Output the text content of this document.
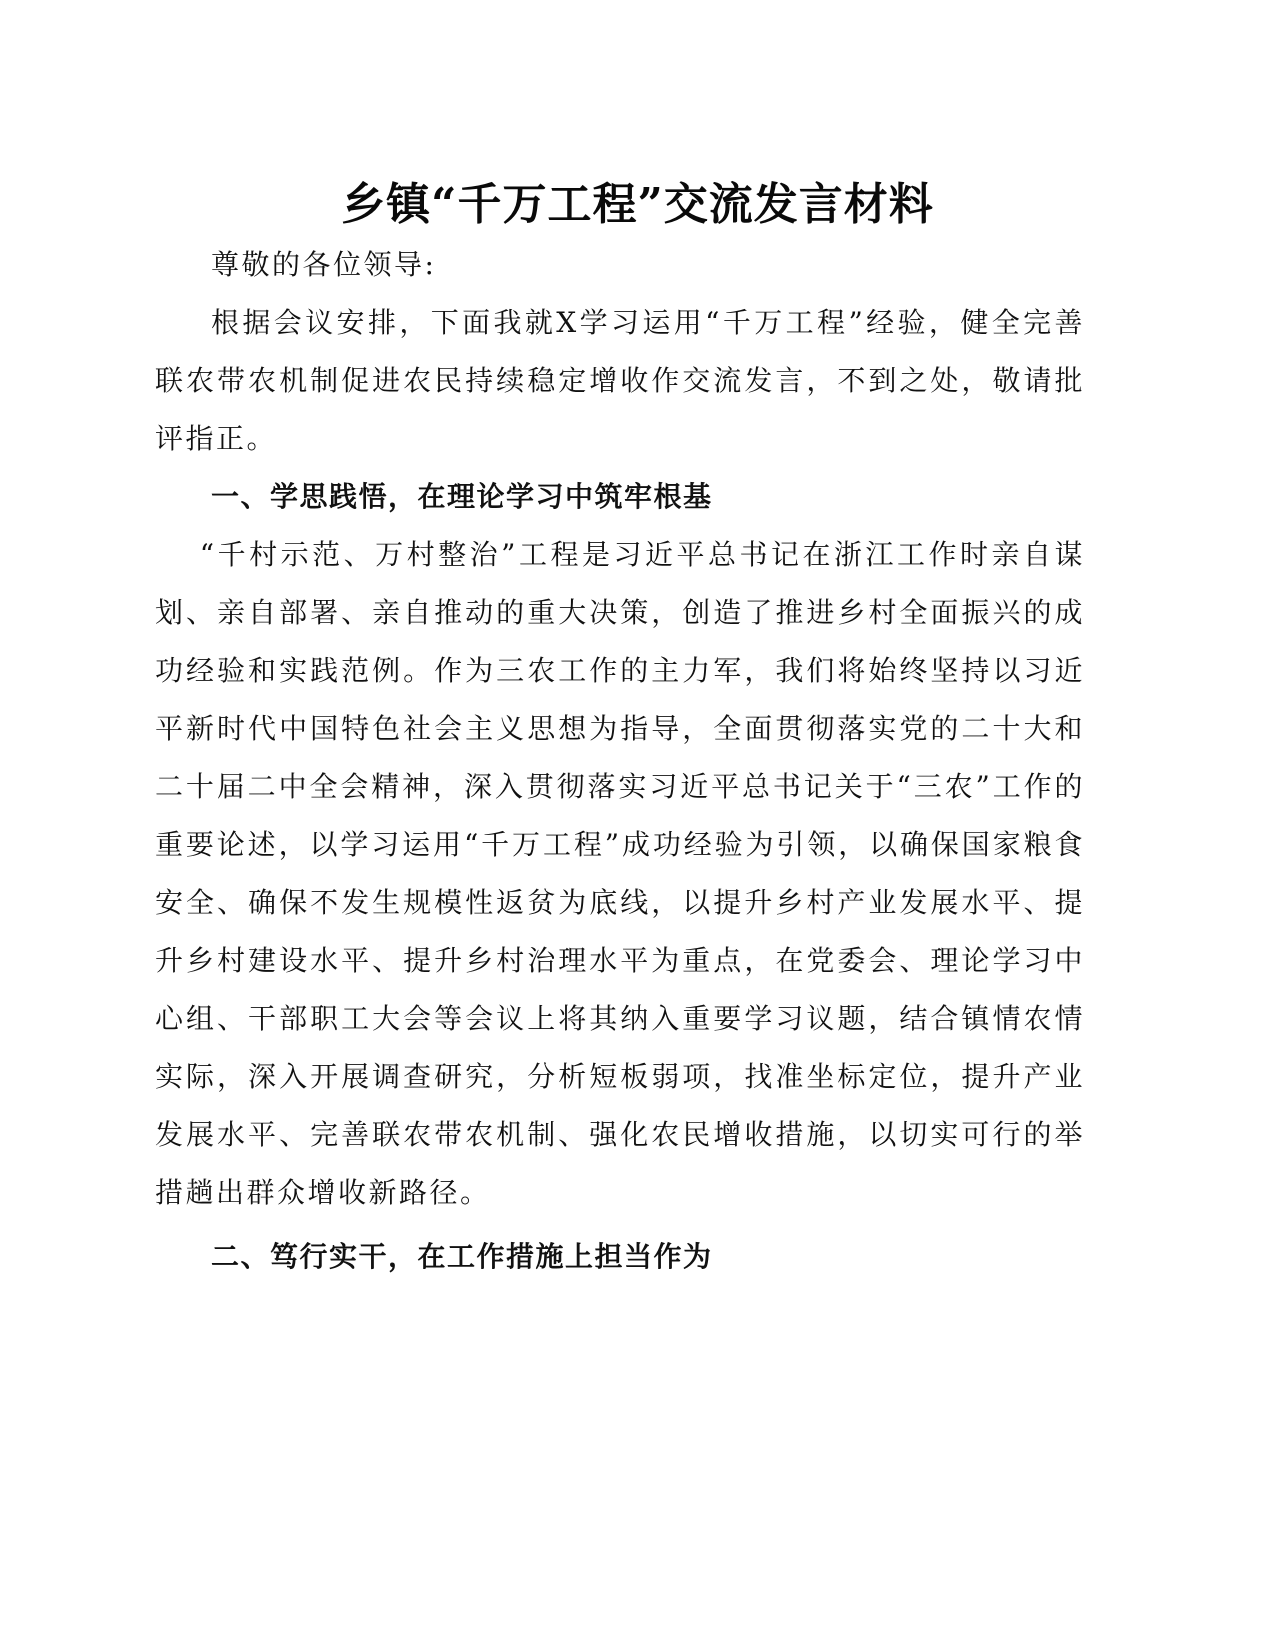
乡镇“千万工程”交流发言材料

尊敬的各位领导:

根据会议安排，下面我就X学习运用“千万工程”经验，健全完善联农带农机制促进农民持续稳定增收作交流发言，不到之处，敬请批评指正。

一、学思践悟，在理论学习中筑牢根基

“千村示范、万村整治”工程是习近平总书记在浙江工作时亲自谋划、亲自部署、亲自推动的重大决策，创造了推进乡村全面振兴的成功经验和实践范例。作为三农工作的主力军，我们将始终坚持以习近平新时代中国特色社会主义思想为指导，全面贯彻落实党的二十大和二十届二中全会精神，深入贯彻落实习近平总书记关于“三农”工作的重要论述，以学习运用“千万工程”成功经验为引领，以确保国家粮食安全、确保不发生规模性返贫为底线，以提升乡村产业发展水平、提升乡村建设水平、提升乡村治理水平为重点，在党委会、理论学习中心组、干部职工大会等会议上将其纳入重要学习议题，结合镇情农情实际，深入开展调查研究，分析短板弱项，找准坐标定位，提升产业发展水平、完善联农带农机制、强化农民增收措施，以切实可行的举措趟出群众增收新路径。

二、笃行实干，在工作措施上担当作为
